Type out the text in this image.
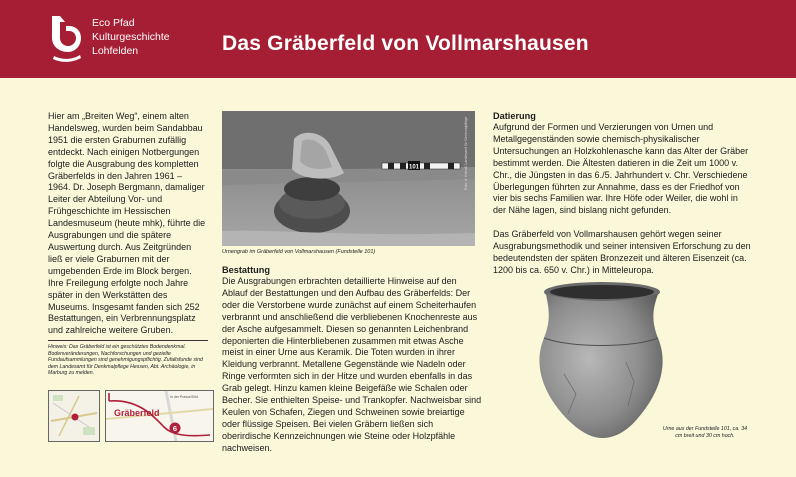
Eco Pfad
Kulturgeschichte
Lohfelden	Das Gräberfeld von Vollmarshausen

Hier am „Breiten Weg“, einem alten Handelsweg, wurden beim Sandabbau 1951 die ersten Graburnen zufällig entdeckt. Nach einigen Notbergungen folgte die Ausgrabung des kompletten Gräberfelds in den Jahren 1961 – 1964. Dr. Joseph Bergmann, damaliger Leiter der Abteilung Vor- und Frühgeschichte im Hessischen Landesmuseum (heute mhk), führte die Ausgrabungen und die spätere Auswertung durch. Aus Zeitgründen ließ er viele Graburnen mit der umgebenden Erde im Block bergen. Ihre Freilegung erfolgte noch Jahre später in den Werkstätten des Museums. Insgesamt fanden sich 252 Bestattungen, ein Verbrennungsplatz und zahlreiche weitere Gruben.

Hinweis: Das Gräberfeld ist ein geschütztes Bodendenkmal. Bodenveränderungen, Nachforschungen und gezielte Fundaufsammlungen sind genehmigungspflichtig. Zufallsfunde sind dem Landesamt für Denkmalpflege Hessen, Abt. Archäologie, in Marburg zu melden.
In der Prasse/Süd
Gräberfeld
6
101	Foto: A. Kiendl, Landesamt für Denkmalpflege
Urnengrab im Gräberfeld von Vollmarshausen (Fundstelle 101)
Bestattung

Die Ausgrabungen erbrachten detaillierte Hinweise auf den Ablauf der Bestattungen und den Aufbau des Gräberfelds: Der oder die Verstorbene wurde zunächst auf einem Scheiterhaufen verbrannt und anschließend die verbliebenen Knochenreste aus der Asche aufgesammelt. Diesen so genannten Leichenbrand deponierten die Hinterbliebenen zusammen mit etwas Asche meist in einer Urne aus Keramik. Die Toten wurden in ihrer Kleidung verbrannt. Metallene Gegenstände wie Nadeln oder Ringe verformten sich in der Hitze und wurden ebenfalls in das Grab gelegt. Hinzu kamen kleine Beigefäße wie Schalen oder Becher. Sie enthielten Speise- und Trankopfer. Nachweisbar sind Keulen von Schafen, Ziegen und Schweinen sowie breiartige oder flüssige Speisen. Bei vielen Gräbern ließen sich oberirdische Kennzeichnungen wie Steine oder Holzpfähle nachweisen.

Datierung

Aufgrund der Formen und Verzierungen von Urnen und Metallgegenständen sowie chemisch-physikalischer Untersuchungen an Holzkohlenasche kann das Alter der Gräber bestimmt werden. Die Ältesten datieren in die Zeit um 1000 v. Chr., die Jüngsten in das 6./5. Jahrhundert v. Chr. Verschiedene Überlegungen führten zur Annahme, dass es der Friedhof von vier bis sechs Familien war. Ihre Höfe oder Weiler, die wohl in der Nähe lagen, sind bislang nicht gefunden.

Das Gräberfeld von Vollmarshausen gehört wegen seiner Ausgrabungsmethodik und seiner intensiven Erforschung zu den bedeutendsten der späten Bronzezeit und älteren Eisenzeit (ca. 1200 bis ca. 650 v. Chr.) in Mitteleuropa.

Urne aus der Fundstelle 101, ca. 34 cm breit und 30 cm hoch.
